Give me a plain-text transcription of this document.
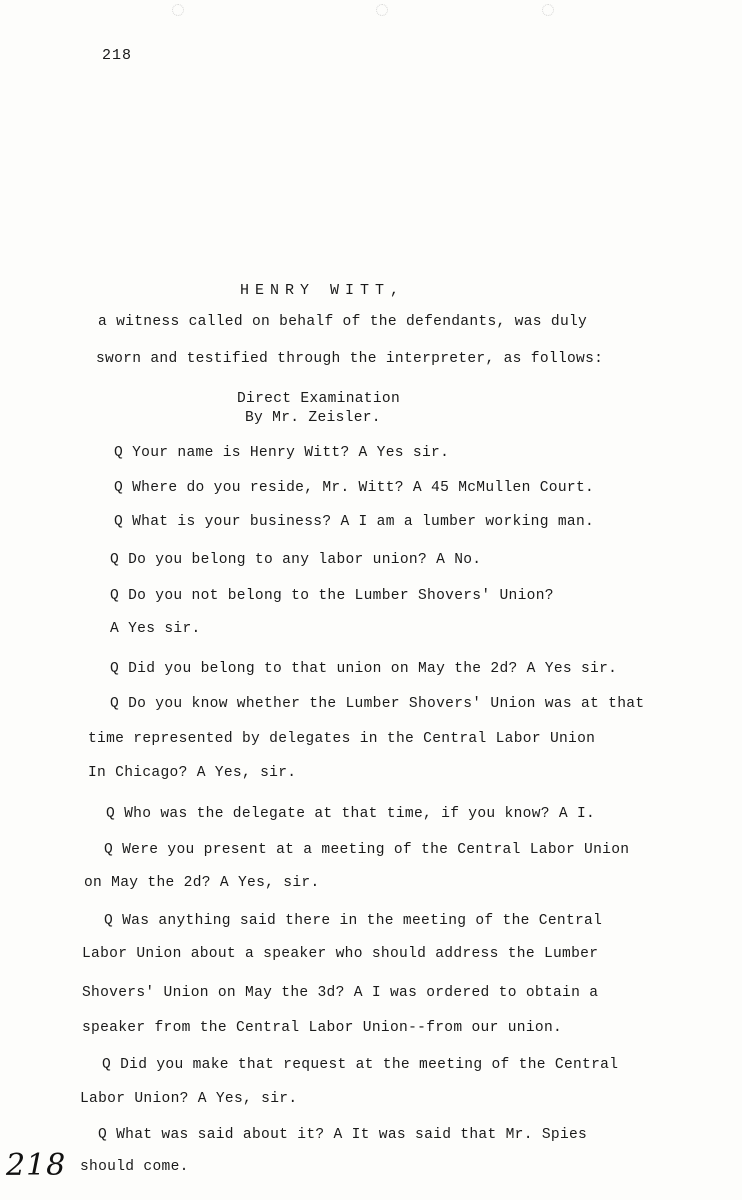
218
HENRY WITT,
a witness called on behalf of the defendants, was duly
sworn and testified through the interpreter, as follows:
Direct Examination
By Mr. Zeisler.
Q Your name is Henry Witt? A Yes sir.
Q Where do you reside, Mr. Witt? A 45 McMullen Court.
Q What is your business? A I am a lumber working man.
Q Do you belong to any labor union? A No.
Q Do you not belong to the Lumber Shovers' Union?
A Yes sir.
Q Did you belong to that union on May the 2d? A Yes sir.
Q Do you know whether the Lumber Shovers' Union was at that
time represented by delegates in the Central Labor Union
In Chicago? A Yes, sir.
Q Who was the delegate at that time, if you know? A I.
Q Were you present at a meeting of the Central Labor Union
on May the 2d? A Yes, sir.
Q Was anything said there in the meeting of the Central
Labor Union about a speaker who should address the Lumber
Shovers' Union on May the 3d? A I was ordered to obtain a
speaker from the Central Labor Union--from our union.
Q Did you make that request at the meeting of the Central
Labor Union? A Yes, sir.
Q What was said about it? A It was said that Mr. Spies
should come.
218
